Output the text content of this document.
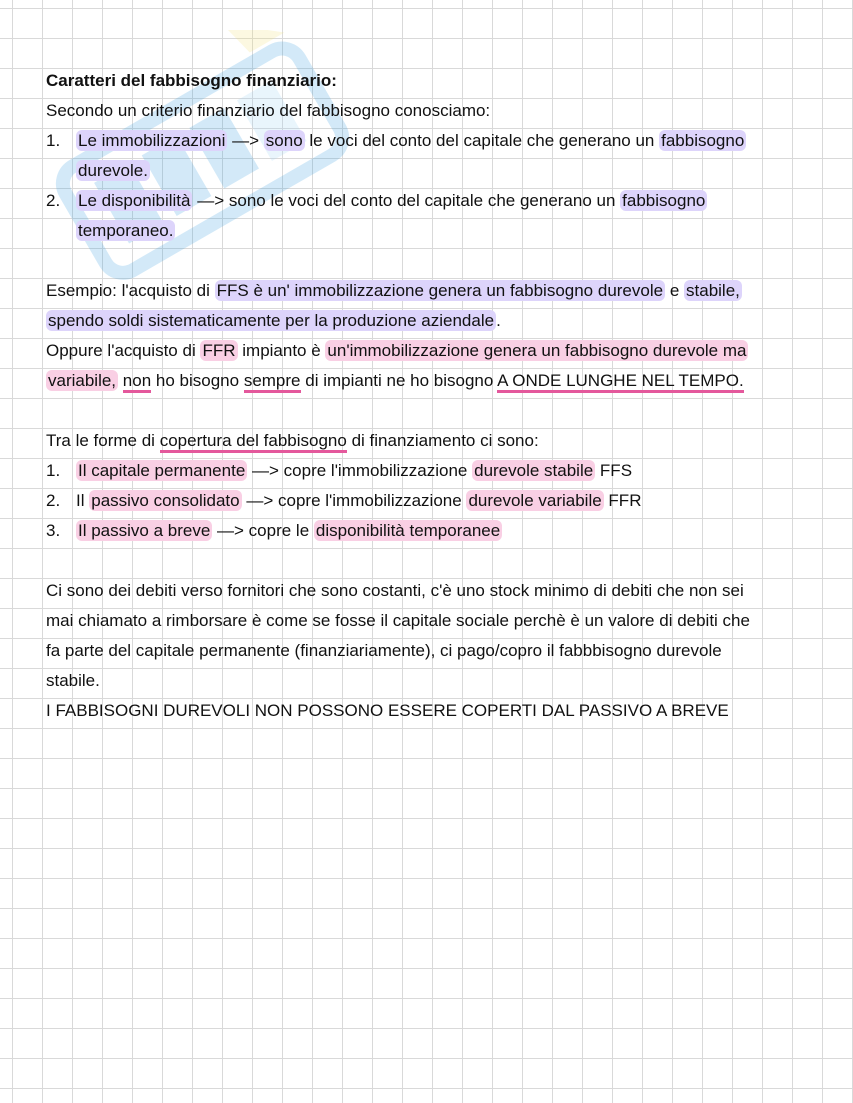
Caratteri del fabbisogno finanziario:
Secondo un criterio finanziario del fabbisogno conosciamo:
1. Le immobilizzazioni —> sono le voci del conto del capitale che generano un fabbisogno
durevole.
2. Le disponibilità —> sono le voci del conto del capitale che generano un fabbisogno
temporaneo.
Esempio: l'acquisto di FFS è un' immobilizzazione genera un fabbisogno durevole e stabile,
spendo soldi sistematicamente per la produzione aziendale .
Oppure l'acquisto di FFR impianto è un'immobilizzazione genera un fabbisogno durevole ma
variabile, non ho bisogno sempre di impianti ne ho bisogno A ONDE LUNGHE NEL TEMPO.
Tra le forme di copertura del fabbisogno di finanziamento ci sono:
1. Il capitale permanente —> copre l'immobilizzazione durevole stabile FFS
2. Il passivo consolidato —> copre l'immobilizzazione durevole variabile FFR
3. Il passivo a breve —> copre le disponibilità temporanee
Ci sono dei debiti verso fornitori che sono costanti, c'è uno stock minimo di debiti che non sei
mai chiamato a rimborsare è come se fosse il capitale sociale perchè è un valore di debiti che
fa parte del capitale permanente (finanziariamente), ci pago/copro il fabbbisogno durevole
stabile.
I FABBISOGNI DUREVOLI NON POSSONO ESSERE COPERTI DAL PASSIVO A BREVE
